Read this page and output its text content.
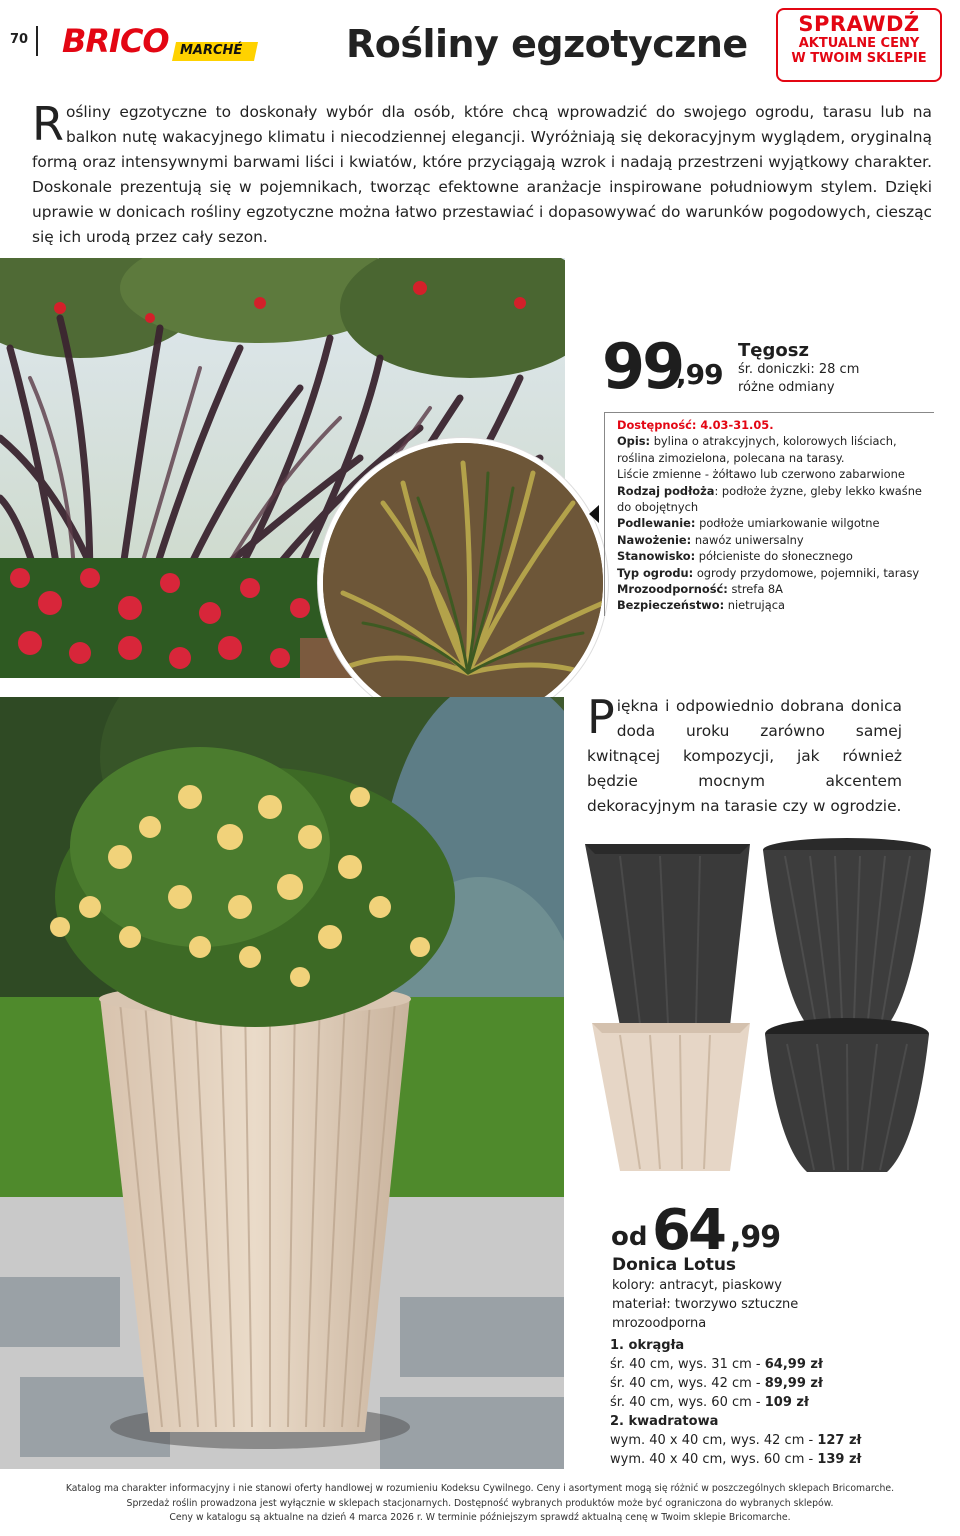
70 BRICO MARCHÉ	Rośliny egzotyczne	SPRAWDŹ
AKTUALNE CENY
W TWOIM SKLEPIE
Rośliny egzotyczne to doskonały wybór dla osób, które chcą wprowadzić do swojego ogrodu, tarasu lub na balkon nutę wakacyjnego klimatu i niecodziennej elegancji. Wyróżniają się dekoracyjnym wyglądem, oryginalną formą oraz intensywnymi barwami liści i kwiatów, które przyciągają wzrok i nadają przestrzeni wyjątkowy charakter. Doskonale prezentują się w pojemnikach, tworząc efektowne aranżacje inspirowane południowym stylem. Dzięki uprawie w donicach rośliny egzotyczne można łatwo przestawiać i dopasowywać do warunków pogodowych, ciesząc się ich urodą przez cały sezon.
99
,99
Tęgosz
śr. doniczki: 28 cm
różne odmiany
Dostępność: 4.03-31.05.
Opis: bylina o atrakcyjnych, kolorowych liściach,
roślina zimozielona, polecana na tarasy.
Liście zmienne - żółtawo lub czerwono zabarwione
Rodzaj podłoża: podłoże żyzne, gleby lekko kwaśne
do obojętnych
Podlewanie: podłoże umiarkowanie wilgotne
Nawożenie: nawóz uniwersalny
Stanowisko: półcieniste do słonecznego
Typ ogrodu: ogrody przydomowe, pojemniki, tarasy
Mrozoodporność: strefa 8A
Bezpieczeństwo: nietrująca
Piękna i odpowiednio dobrana donica doda uroku zarówno samej kwitnącej kompozycji, jak również będzie mocnym akcentem dekoracyjnym na tarasie czy w ogrodzie.
od 64 ,99
Donica Lotus
kolory: antracyt, piaskowy
materiał: tworzywo sztuczne
mrozoodporna
1. okrągła
śr. 40 cm, wys. 31 cm - 64,99 zł
śr. 40 cm, wys. 42 cm - 89,99 zł
śr. 40 cm, wys. 60 cm - 109 zł
2. kwadratowa
wym. 40 x 40 cm, wys. 42 cm - 127 zł
wym. 40 x 40 cm, wys. 60 cm - 139 zł
Katalog ma charakter informacyjny i nie stanowi oferty handlowej w rozumieniu Kodeksu Cywilnego. Ceny i asortyment mogą się różnić w poszczególnych sklepach Bricomarche.
Sprzedaż roślin prowadzona jest wyłącznie w sklepach stacjonarnych. Dostępność wybranych produktów może być ograniczona do wybranych sklepów.
Ceny w katalogu są aktualne na dzień 4 marca 2026 r. W terminie późniejszym sprawdź aktualną cenę w Twoim sklepie Bricomarche.
